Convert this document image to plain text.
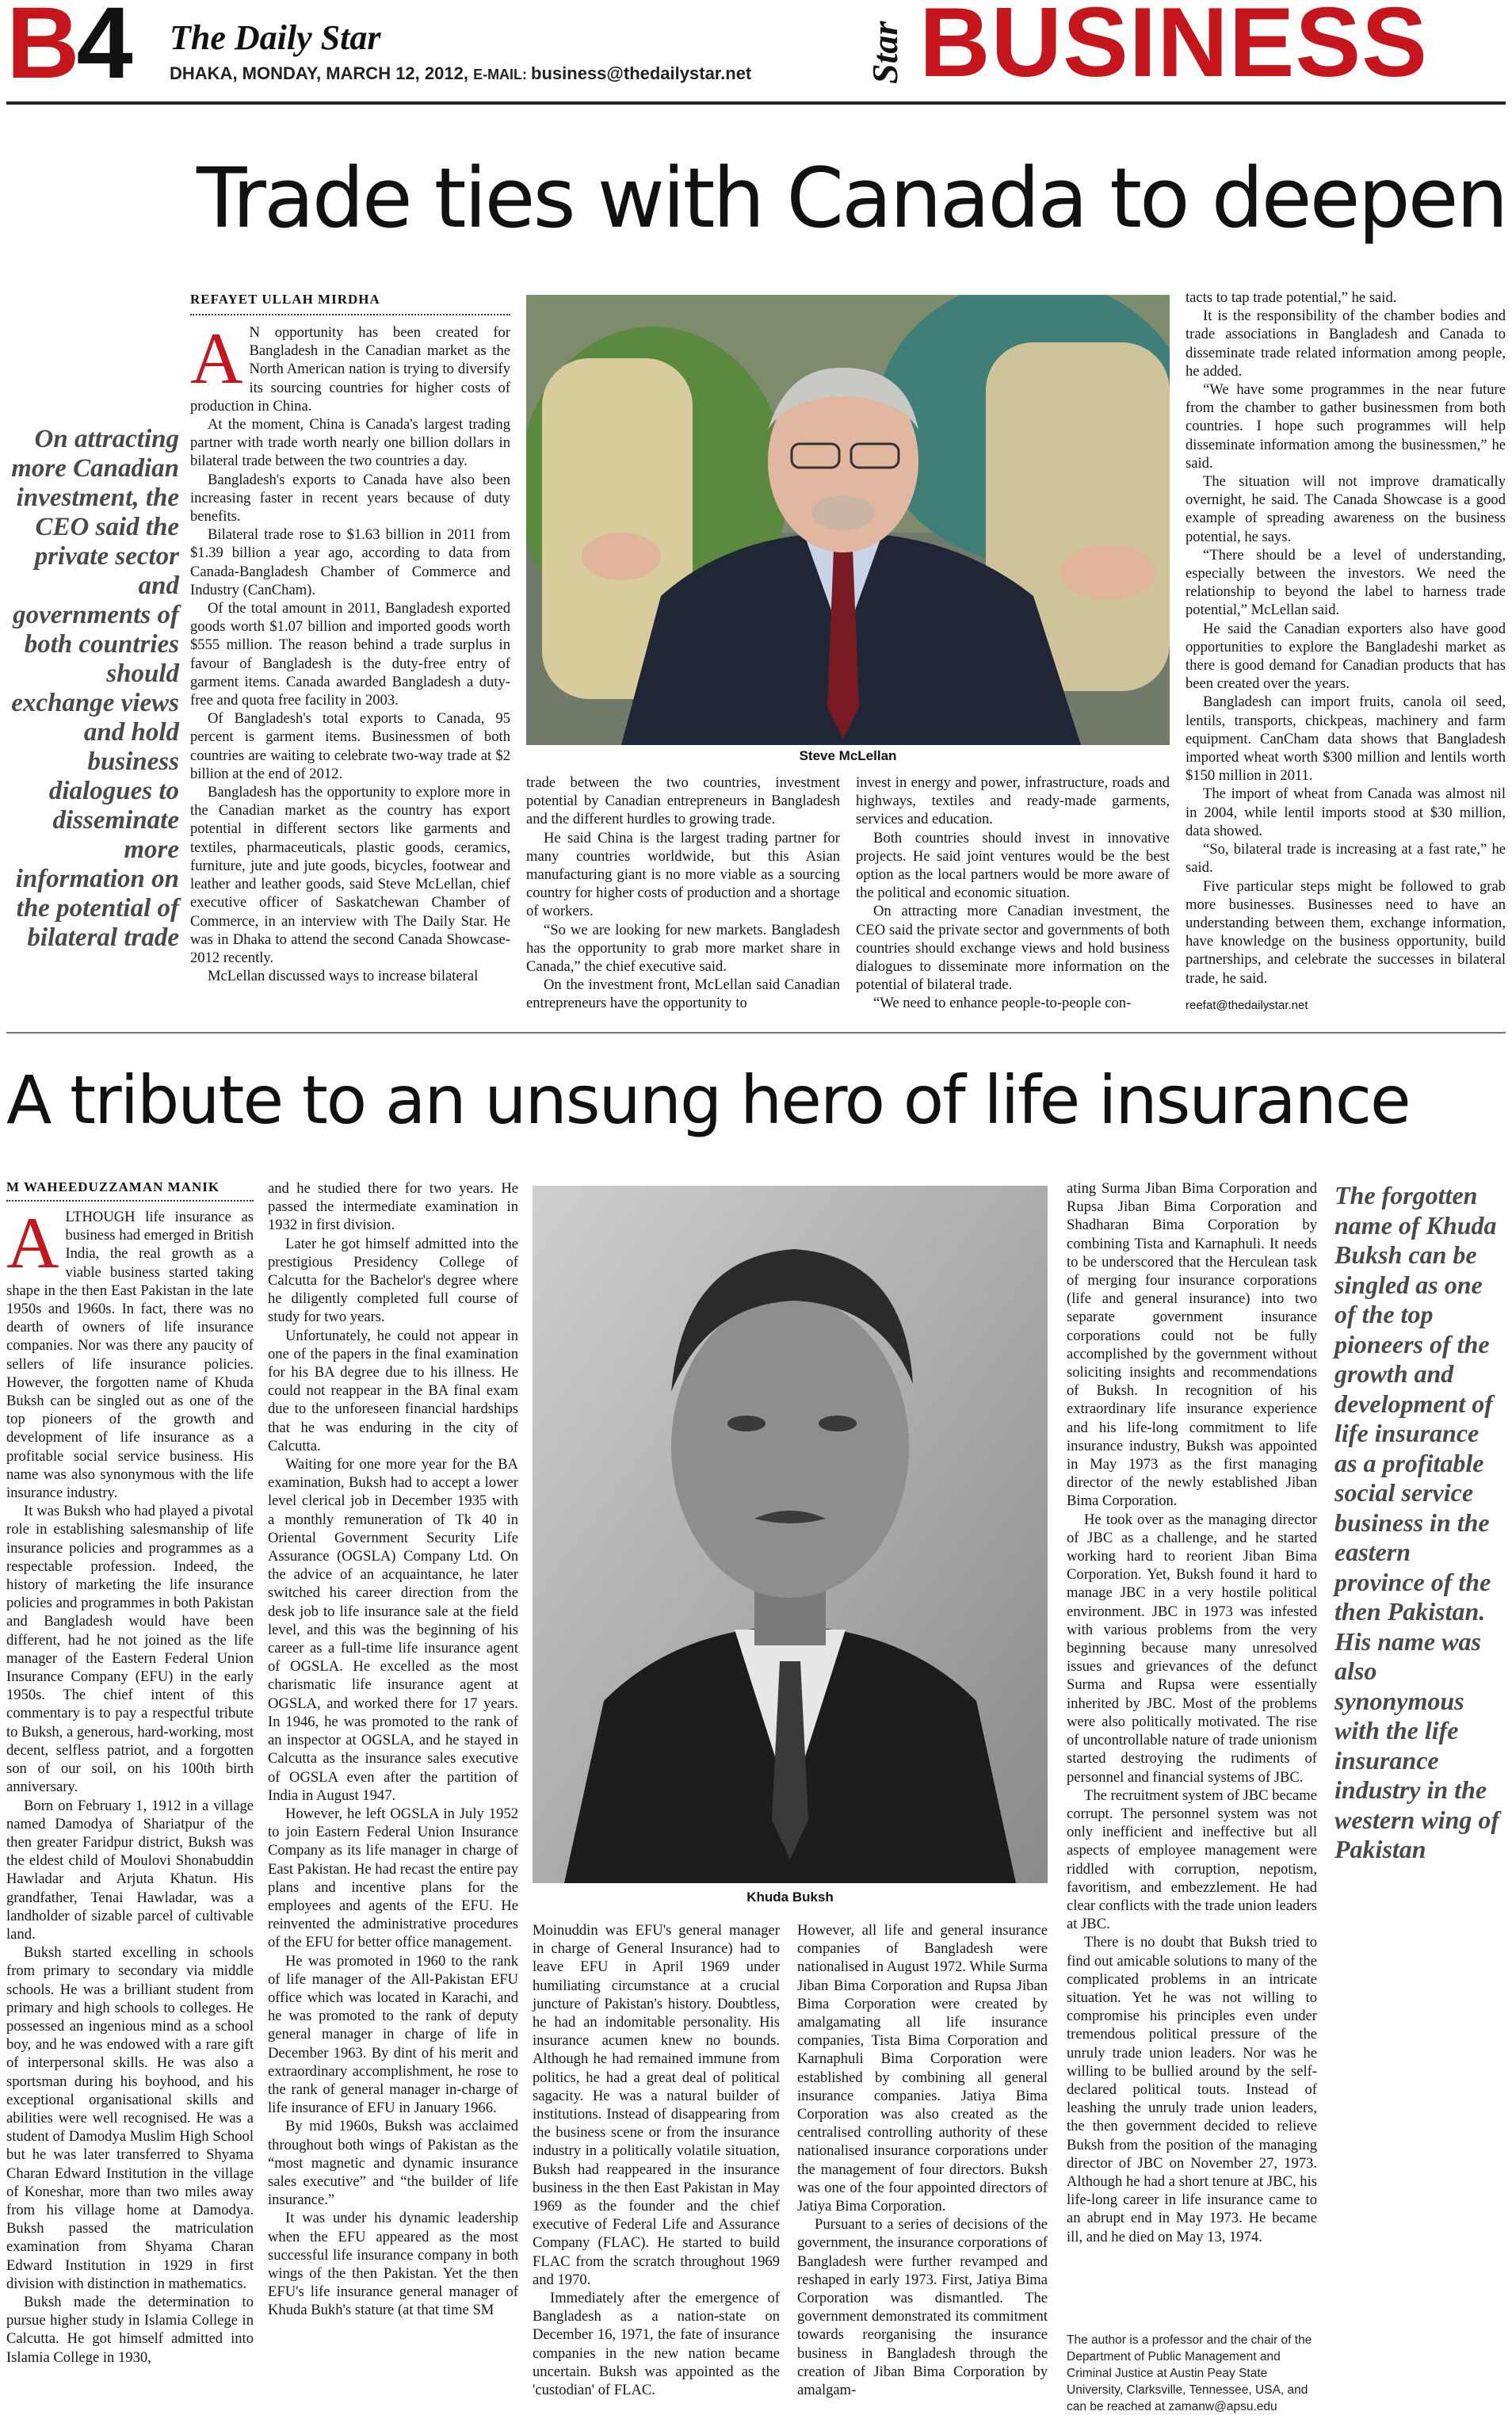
B4 The Daily Star
DHAKA, MONDAY, MARCH 12, 2012, E-MAIL: business@thedailystar.net	Star BUSINESS
Trade ties with Canada to deepen
On attracting more Canadian investment, the CEO said the private sector and governments of both countries should exchange views and hold business dialogues to disseminate more information on the potential of bilateral trade
REFAYET ULLAH MIRDHA

A N opportunity has been created for Bangladesh in the Canadian market as the North American nation is trying to diversify its sourcing countries for higher costs of production in China.

At the moment, China is Canada's largest trading partner with trade worth nearly one billion dollars in bilateral trade between the two countries a day.

Bangladesh's exports to Canada have also been increasing faster in recent years because of duty benefits.

Bilateral trade rose to $1.63 billion in 2011 from $1.39 billion a year ago, according to data from Canada-Bangladesh Chamber of Commerce and Industry (CanCham).

Of the total amount in 2011, Bangladesh exported goods worth $1.07 billion and imported goods worth $555 million. The reason behind a trade surplus in favour of Bangladesh is the duty-free entry of garment items. Canada awarded Bangladesh a duty-free and quota free facility in 2003.

Of Bangladesh's total exports to Canada, 95 percent is garment items. Businessmen of both countries are waiting to celebrate two-way trade at $2 billion at the end of 2012.

Bangladesh has the opportunity to explore more in the Canadian market as the country has export potential in different sectors like garments and textiles, pharmaceuticals, plastic goods, ceramics, furniture, jute and jute goods, bicycles, footwear and leather and leather goods, said Steve McLellan, chief executive officer of Saskatchewan Chamber of Commerce, in an interview with The Daily Star. He was in Dhaka to attend the second Canada Showcase-2012 recently.

McLellan discussed ways to increase bilateral

Steve McLellan

trade between the two countries, investment potential by Canadian entrepreneurs in Bangladesh and the different hurdles to growing trade.

He said China is the largest trading partner for many countries worldwide, but this Asian manufacturing giant is no more viable as a sourcing country for higher costs of production and a shortage of workers.

“So we are looking for new markets. Bangladesh has the opportunity to grab more market share in Canada,” the chief executive said.

On the investment front, McLellan said Canadian entrepreneurs have the opportunity to

invest in energy and power, infrastructure, roads and highways, textiles and ready-made garments, services and education.

Both countries should invest in innovative projects. He said joint ventures would be the best option as the local partners would be more aware of the political and economic situation.

On attracting more Canadian investment, the CEO said the private sector and governments of both countries should exchange views and hold business dialogues to disseminate more information on the potential of bilateral trade.

“We need to enhance people-to-people con-

tacts to tap trade potential,” he said.

It is the responsibility of the chamber bodies and trade associations in Bangladesh and Canada to disseminate trade related information among people, he added.

“We have some programmes in the near future from the chamber to gather businessmen from both countries. I hope such programmes will help disseminate information among the businessmen,” he said.

The situation will not improve dramatically overnight, he said. The Canada Showcase is a good example of spreading awareness on the business potential, he says.

“There should be a level of understanding, especially between the investors. We need the relationship to beyond the label to harness trade potential,” McLellan said.

He said the Canadian exporters also have good opportunities to explore the Bangladeshi market as there is good demand for Canadian products that has been created over the years.

Bangladesh can import fruits, canola oil seed, lentils, transports, chickpeas, machinery and farm equipment. CanCham data shows that Bangladesh imported wheat worth $300 million and lentils worth $150 million in 2011.

The import of wheat from Canada was almost nil in 2004, while lentil imports stood at $30 million, data showed.

“So, bilateral trade is increasing at a fast rate,” he said.

Five particular steps might be followed to grab more businesses. Businesses need to have an understanding between them, exchange information, have knowledge on the business opportunity, build partnerships, and celebrate the successes in bilateral trade, he said.

reefat@thedailystar.net
A tribute to an unsung hero of life insurance
M WAHEEDUZZAMAN MANIK

ALTHOUGH life insurance as business had emerged in British India, the real growth as a viable business started taking shape in the then East Pakistan in the late 1950s and 1960s. In fact, there was no dearth of owners of life insurance companies. Nor was there any paucity of sellers of life insurance policies. However, the forgotten name of Khuda Buksh can be singled out as one of the top pioneers of the growth and development of life insurance as a profitable social service business. His name was also synonymous with the life insurance industry.

It was Buksh who had played a pivotal role in establishing salesmanship of life insurance policies and programmes as a respectable profession. Indeed, the history of marketing the life insurance policies and programmes in both Pakistan and Bangladesh would have been different, had he not joined as the life manager of the Eastern Federal Union Insurance Company (EFU) in the early 1950s. The chief intent of this commentary is to pay a respectful tribute to Buksh, a generous, hard-working, most decent, selfless patriot, and a forgotten son of our soil, on his 100th birth anniversary.

Born on February 1, 1912 in a village named Damodya of Shariatpur of the then greater Faridpur district, Buksh was the eldest child of Moulovi Shonabuddin Hawladar and Arjuta Khatun. His grandfather, Tenai Hawladar, was a landholder of sizable parcel of cultivable land.

Buksh started excelling in schools from primary to secondary via middle schools. He was a brilliant student from primary and high schools to colleges. He possessed an ingenious mind as a school boy, and he was endowed with a rare gift of interpersonal skills. He was also a sportsman during his boyhood, and his exceptional organisational skills and abilities were well recognised. He was a student of Damodya Muslim High School but he was later transferred to Shyama Charan Edward Institution in the village of Koneshar, more than two miles away from his village home at Damodya. Buksh passed the matriculation examination from Shyama Charan Edward Institution in 1929 in first division with distinction in mathematics.

Buksh made the determination to pursue higher study in Islamia College in Calcutta. He got himself admitted into Islamia College in 1930,

and he studied there for two years. He passed the intermediate examination in 1932 in first division.

Later he got himself admitted into the prestigious Presidency College of Calcutta for the Bachelor's degree where he diligently completed full course of study for two years.

Unfortunately, he could not appear in one of the papers in the final examination for his BA degree due to his illness. He could not reappear in the BA final exam due to the unforeseen financial hardships that he was enduring in the city of Calcutta.

Waiting for one more year for the BA examination, Buksh had to accept a lower level clerical job in December 1935 with a monthly remuneration of Tk 40 in Oriental Government Security Life Assurance (OGSLA) Company Ltd. On the advice of an acquaintance, he later switched his career direction from the desk job to life insurance sale at the field level, and this was the beginning of his career as a full-time life insurance agent of OGSLA. He excelled as the most charismatic life insurance agent at OGSLA, and worked there for 17 years. In 1946, he was promoted to the rank of an inspector at OGSLA, and he stayed in Calcutta as the insurance sales executive of OGSLA even after the partition of India in August 1947.

However, he left OGSLA in July 1952 to join Eastern Federal Union Insurance Company as its life manager in charge of East Pakistan. He had recast the entire pay plans and incentive plans for the employees and agents of the EFU. He reinvented the administrative procedures of the EFU for better office management.

He was promoted in 1960 to the rank of life manager of the All-Pakistan EFU office which was located in Karachi, and he was promoted to the rank of deputy general manager in charge of life in December 1963. By dint of his merit and extraordinary accomplishment, he rose to the rank of general manager in-charge of life insurance of EFU in January 1966.

By mid 1960s, Buksh was acclaimed throughout both wings of Pakistan as the “most magnetic and dynamic insurance sales executive” and “the builder of life insurance.”

It was under his dynamic leadership when the EFU appeared as the most successful life insurance company in both wings of the then Pakistan. Yet the then EFU's life insurance general manager of Khuda Bukh's stature (at that time SM

Khuda Buksh

Moinuddin was EFU's general manager in charge of General Insurance) had to leave EFU in April 1969 under humiliating circumstance at a crucial juncture of Pakistan's history. Doubtless, he had an indomitable personality. His insurance acumen knew no bounds. Although he had remained immune from politics, he had a great deal of political sagacity. He was a natural builder of institutions. Instead of disappearing from the business scene or from the insurance industry in a politically volatile situation, Buksh had reappeared in the insurance business in the then East Pakistan in May 1969 as the founder and the chief executive of Federal Life and Assurance Company (FLAC). He started to build FLAC from the scratch throughout 1969 and 1970.

Immediately after the emergence of Bangladesh as a nation-state on December 16, 1971, the fate of insurance companies in the new nation became uncertain. Buksh was appointed as the 'custodian' of FLAC.

However, all life and general insurance companies of Bangladesh were nationalised in August 1972. While Surma Jiban Bima Corporation and Rupsa Jiban Bima Corporation were created by amalgamating all life insurance companies, Tista Bima Corporation and Karnaphuli Bima Corporation were established by combining all general insurance companies. Jatiya Bima Corporation was also created as the centralised controlling authority of these nationalised insurance corporations under the management of four directors. Buksh was one of the four appointed directors of Jatiya Bima Corporation.

Pursuant to a series of decisions of the government, the insurance corporations of Bangladesh were further revamped and reshaped in early 1973. First, Jatiya Bima Corporation was dismantled. The government demonstrated its commitment towards reorganising the insurance business in Bangladesh through the creation of Jiban Bima Corporation by amalgam-

ating Surma Jiban Bima Corporation and Rupsa Jiban Bima Corporation and Shadharan Bima Corporation by combining Tista and Karnaphuli. It needs to be underscored that the Herculean task of merging four insurance corporations (life and general insurance) into two separate government insurance corporations could not be fully accomplished by the government without soliciting insights and recommendations of Buksh. In recognition of his extraordinary life insurance experience and his life-long commitment to life insurance industry, Buksh was appointed in May 1973 as the first managing director of the newly established Jiban Bima Corporation.

He took over as the managing director of JBC as a challenge, and he started working hard to reorient Jiban Bima Corporation. Yet, Buksh found it hard to manage JBC in a very hostile political environment. JBC in 1973 was infested with various problems from the very beginning because many unresolved issues and grievances of the defunct Surma and Rupsa were essentially inherited by JBC. Most of the problems were also politically motivated. The rise of uncontrollable nature of trade unionism started destroying the rudiments of personnel and financial systems of JBC.

The recruitment system of JBC became corrupt. The personnel system was not only inefficient and ineffective but all aspects of employee management were riddled with corruption, nepotism, favoritism, and embezzlement. He had clear conflicts with the trade union leaders at JBC.

There is no doubt that Buksh tried to find out amicable solutions to many of the complicated problems in an intricate situation. Yet he was not willing to compromise his principles even under tremendous political pressure of the unruly trade union leaders. Nor was he willing to be bullied around by the self-declared political touts. Instead of leashing the unruly trade union leaders, the then government decided to relieve Buksh from the position of the managing director of JBC on November 27, 1973. Although he had a short tenure at JBC, his life-long career in life insurance came to an abrupt end in May 1973. He became ill, and he died on May 13, 1974.

The author is a professor and the chair of the Department of Public Management and Criminal Justice at Austin Peay State University, Clarksville, Tennessee, USA, and can be reached at zamanw@apsu.edu
The forgotten name of Khuda Buksh can be singled as one of the top pioneers of the growth and development of life insurance as a profitable social service business in the eastern province of the then Pakistan. His name was also synonymous with the life insurance industry in the western wing of Pakistan
